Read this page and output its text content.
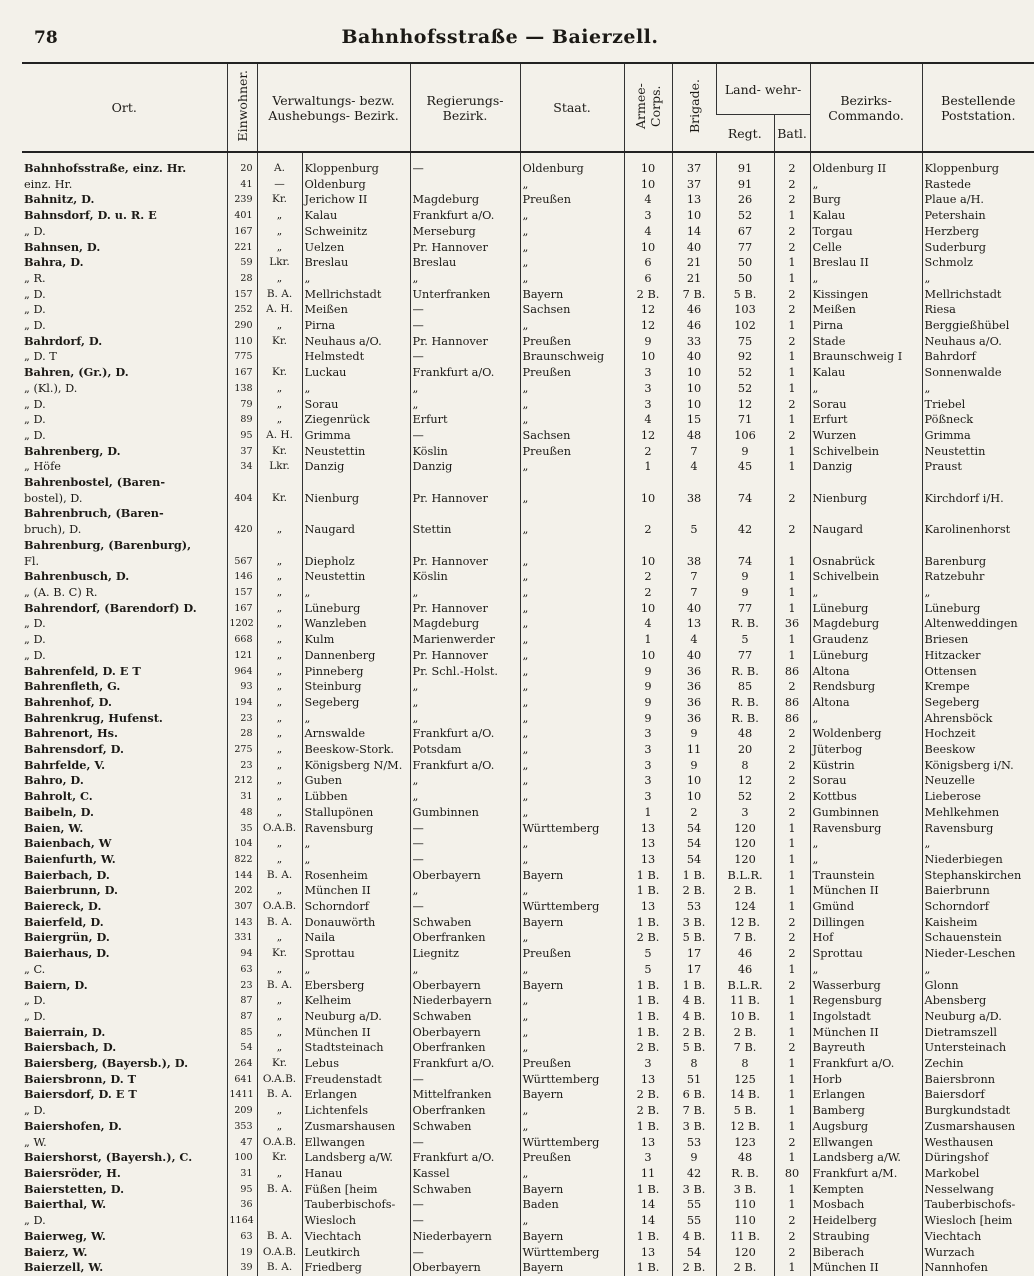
78	Bahnhofsstraße — Baierzell.
Ort.	Einwohner.	Verwaltungs- bezw. Aushebungs- Bezirk.		Regierungs- Bezirk.	Staat.	Armee-Corps.	Brigade.	Land- wehr-		Bezirks- Commando.	Bestellende Poststation.
								Regt.	Batl.		
Bahnhofsstraße, einz. Hr.	20	A.	Kloppenburg	—	Oldenburg	10	37	91	2	Oldenburg II	Kloppenburg
einz. Hr.	41	—	Oldenburg		„	10	37	91	2	„	Rastede
Bahnitz, D.	239	Kr.	Jerichow II	Magdeburg	Preußen	4	13	26	2	Burg	Plaue a/H.
Bahnsdorf, D. u. R. E	401	„	Kalau	Frankfurt a/O.	„	3	10	52	1	Kalau	Petershain
„ D.	167	„	Schweinitz	Merseburg	„	4	14	67	2	Torgau	Herzberg
Bahnsen, D.	221	„	Uelzen	Pr. Hannover	„	10	40	77	2	Celle	Suderburg
Bahra, D.	59	Lkr.	Breslau	Breslau	„	6	21	50	1	Breslau II	Schmolz
„ R.	28	„	„	„	„	6	21	50	1	„	„
„ D.	157	B. A.	Mellrichstadt	Unterfranken	Bayern	2 B.	7 B.	5 B.	2	Kissingen	Mellrichstadt
„ D.	252	A. H.	Meißen	—	Sachsen	12	46	103	2	Meißen	Riesa
„ D.	290	„	Pirna	—	„	12	46	102	1	Pirna	Berggießhübel
Bahrdorf, D.	110	Kr.	Neuhaus a/O.	Pr. Hannover	Preußen	9	33	75	2	Stade	Neuhaus a/O.
„ D. T	775		Helmstedt	—	Braunschweig	10	40	92	1	Braunschweig I	Bahrdorf
Bahren, (Gr.), D.	167	Kr.	Luckau	Frankfurt a/O.	Preußen	3	10	52	1	Kalau	Sonnenwalde
„ (Kl.), D.	138	„	„	„	„	3	10	52	1	„	„
„ D.	79	„	Sorau	„	„	3	10	12	2	Sorau	Triebel
„ D.	89	„	Ziegenrück	Erfurt	„	4	15	71	1	Erfurt	Pößneck
„ D.	95	A. H.	Grimma	—	Sachsen	12	48	106	2	Wurzen	Grimma
Bahrenberg, D.	37	Kr.	Neustettin	Köslin	Preußen	2	7	9	1	Schivelbein	Neustettin
„ Höfe	34	Lkr.	Danzig	Danzig	„	1	4	45	1	Danzig	Praust
Bahrenbostel, (Baren-											
bostel), D.	404	Kr.	Nienburg	Pr. Hannover	„	10	38	74	2	Nienburg	Kirchdorf i/H.
Bahrenbruch, (Baren-											
bruch), D.	420	„	Naugard	Stettin	„	2	5	42	2	Naugard	Karolinenhorst
Bahrenburg, (Barenburg),											
Fl.	567	„	Diepholz	Pr. Hannover	„	10	38	74	1	Osnabrück	Barenburg
Bahrenbusch, D.	146	„	Neustettin	Köslin	„	2	7	9	1	Schivelbein	Ratzebuhr
„ (A. B. C) R.	157	„	„	„	„	2	7	9	1	„	„
Bahrendorf, (Barendorf) D.	167	„	Lüneburg	Pr. Hannover	„	10	40	77	1	Lüneburg	Lüneburg
„ D.	1202	„	Wanzleben	Magdeburg	„	4	13	R. B.	36	Magdeburg	Altenweddingen
„ D.	668	„	Kulm	Marienwerder	„	1	4	5	1	Graudenz	Briesen
„ D.	121	„	Dannenberg	Pr. Hannover	„	10	40	77	1	Lüneburg	Hitzacker
Bahrenfeld, D. E T	964	„	Pinneberg	Pr. Schl.-Holst.	„	9	36	R. B.	86	Altona	Ottensen
Bahrenfleth, G.	93	„	Steinburg	„	„	9	36	85	2	Rendsburg	Krempe
Bahrenhof, D.	194	„	Segeberg	„	„	9	36	R. B.	86	Altona	Segeberg
Bahrenkrug, Hufenst.	23	„	„	„	„	9	36	R. B.	86	„	Ahrensböck
Bahrenort, Hs.	28	„	Arnswalde	Frankfurt a/O.	„	3	9	48	2	Woldenberg	Hochzeit
Bahrensdorf, D.	275	„	Beeskow-Stork.	Potsdam	„	3	11	20	2	Jüterbog	Beeskow
Bahrfelde, V.	23	„	Königsberg N/M.	Frankfurt a/O.	„	3	9	8	2	Küstrin	Königsberg i/N.
Bahro, D.	212	„	Guben	„	„	3	10	12	2	Sorau	Neuzelle
Bahrolt, C.	31	„	Lübben	„	„	3	10	52	2	Kottbus	Lieberose
Baibeln, D.	48	„	Stallupönen	Gumbinnen	„	1	2	3	2	Gumbinnen	Mehlkehmen
Baien, W.	35	O.A.B.	Ravensburg	—	Württemberg	13	54	120	1	Ravensburg	Ravensburg
Baienbach, W	104	„	„	—	„	13	54	120	1	„	„
Baienfurth, W.	822	„	„	—	„	13	54	120	1	„	Niederbiegen
Baierbach, D.	144	B. A.	Rosenheim	Oberbayern	Bayern	1 B.	1 B.	B.L.R.	1	Traunstein	Stephanskirchen
Baierbrunn, D.	202	„	München II	„	„	1 B.	2 B.	2 B.	1	München II	Baierbrunn
Baiereck, D.	307	O.A.B.	Schorndorf	—	Württemberg	13	53	124	1	Gmünd	Schorndorf
Baierfeld, D.	143	B. A.	Donauwörth	Schwaben	Bayern	1 B.	3 B.	12 B.	2	Dillingen	Kaisheim
Baiergrün, D.	331	„	Naila	Oberfranken	„	2 B.	5 B.	7 B.	2	Hof	Schauenstein
Baierhaus, D.	94	Kr.	Sprottau	Liegnitz	Preußen	5	17	46	2	Sprottau	Nieder-Leschen
„ C.	63	„	„	„	„	5	17	46	1	„	„
Baiern, D.	23	B. A.	Ebersberg	Oberbayern	Bayern	1 B.	1 B.	B.L.R.	2	Wasserburg	Glonn
„ D.	87	„	Kelheim	Niederbayern	„	1 B.	4 B.	11 B.	1	Regensburg	Abensberg
„ D.	87	„	Neuburg a/D.	Schwaben	„	1 B.	4 B.	10 B.	1	Ingolstadt	Neuburg a/D.
Baierrain, D.	85	„	München II	Oberbayern	„	1 B.	2 B.	2 B.	1	München II	Dietramszell
Baiersbach, D.	54	„	Stadtsteinach	Oberfranken	„	2 B.	5 B.	7 B.	2	Bayreuth	Untersteinach
Baiersberg, (Bayersb.), D.	264	Kr.	Lebus	Frankfurt a/O.	Preußen	3	8	8	1	Frankfurt a/O.	Zechin
Baiersbronn, D. T	641	O.A.B.	Freudenstadt	—	Württemberg	13	51	125	1	Horb	Baiersbronn
Baiersdorf, D. E T	1411	B. A.	Erlangen	Mittelfranken	Bayern	2 B.	6 B.	14 B.	1	Erlangen	Baiersdorf
„ D.	209	„	Lichtenfels	Oberfranken	„	2 B.	7 B.	5 B.	1	Bamberg	Burgkundstadt
Baiershofen, D.	353	„	Zusmarshausen	Schwaben	„	1 B.	3 B.	12 B.	1	Augsburg	Zusmarshausen
„ W.	47	O.A.B.	Ellwangen	—	Württemberg	13	53	123	2	Ellwangen	Westhausen
Baiershorst, (Bayersh.), C.	100	Kr.	Landsberg a/W.	Frankfurt a/O.	Preußen	3	9	48	1	Landsberg a/W.	Düringshof
Baiersröder, H.	31	„	Hanau	Kassel	„	11	42	R. B.	80	Frankfurt a/M.	Markobel
Baierstetten, D.	95	B. A.	Füßen [heim	Schwaben	Bayern	1 B.	3 B.	3 B.	1	Kempten	Nesselwang
Baierthal, W.	36		Tauberbischofs-	—	Baden	14	55	110	1	Mosbach	Tauberbischofs-
„ D.	1164		Wiesloch	—	„	14	55	110	2	Heidelberg	Wiesloch [heim
Baierweg, W.	63	B. A.	Viechtach	Niederbayern	Bayern	1 B.	4 B.	11 B.	2	Straubing	Viechtach
Baierz, W.	19	O.A.B.	Leutkirch	—	Württemberg	13	54	120	2	Biberach	Wurzach
Baierzell, W.	39	B. A.	Friedberg	Oberbayern	Bayern	1 B.	2 B.	2 B.	1	München II	Nannhofen
